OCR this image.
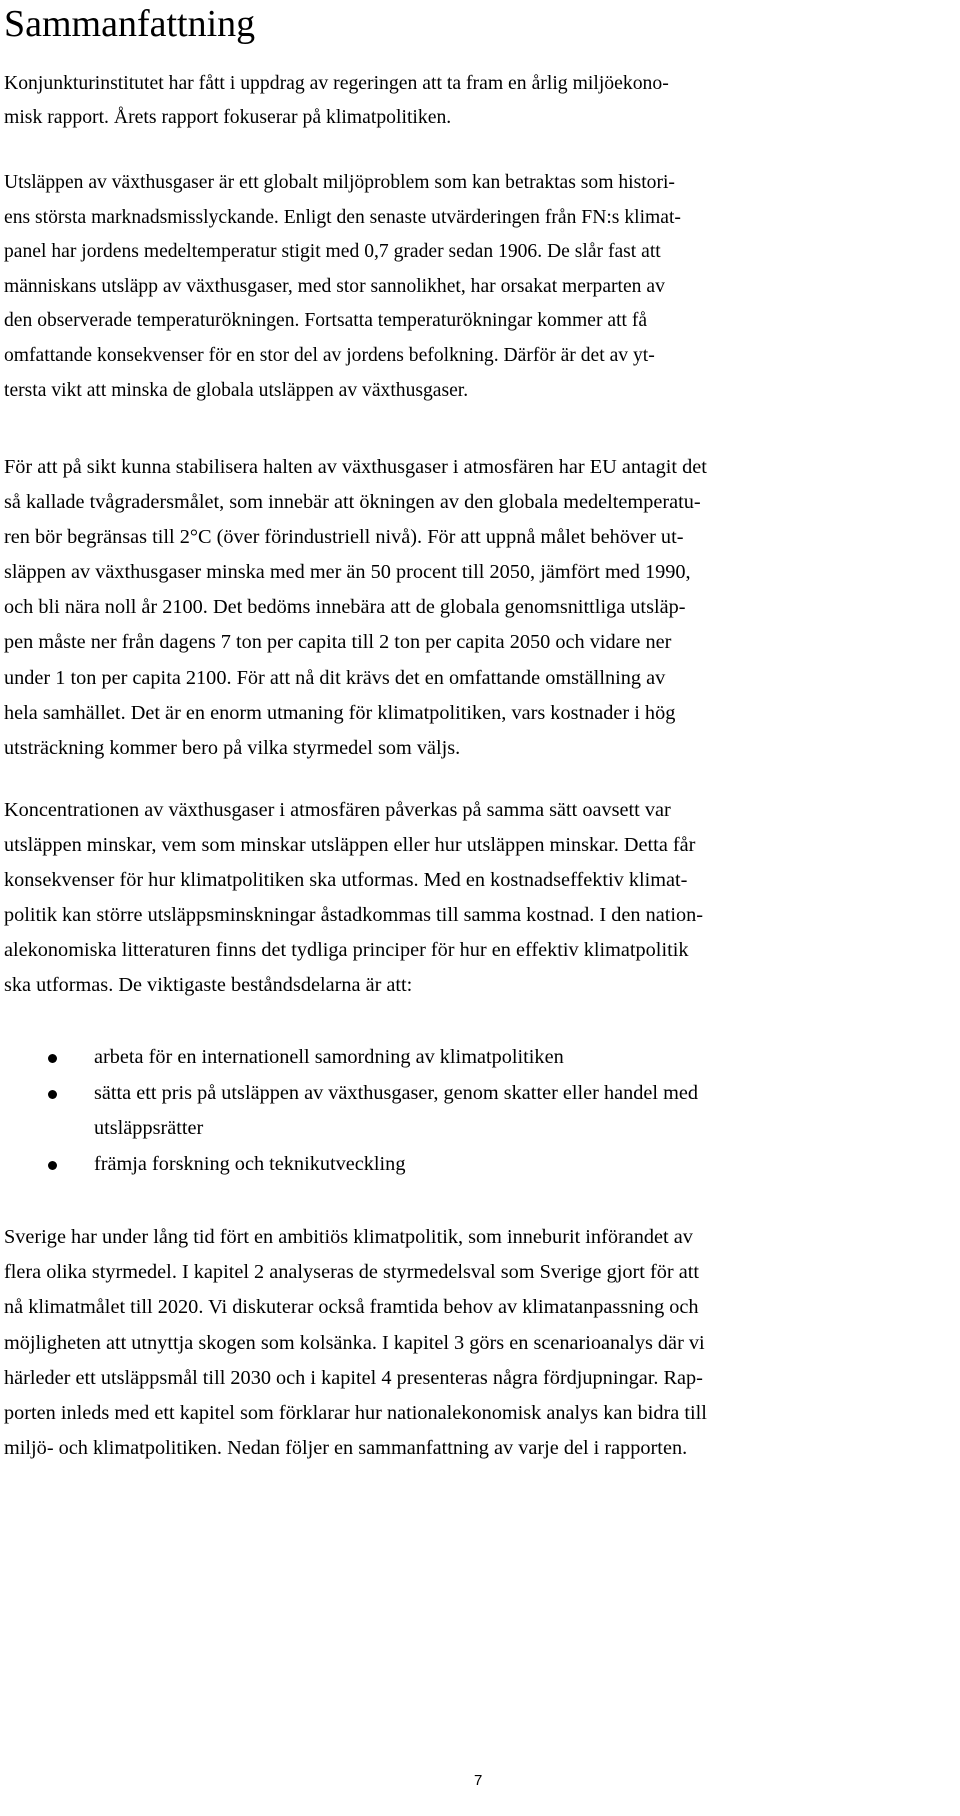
Sammanfattning
Konjunkturinstitutet har fått i uppdrag av regeringen att ta fram en årlig miljöekono-
misk rapport. Årets rapport fokuserar på klimatpolitiken.
Utsläppen av växthusgaser är ett globalt miljöproblem som kan betraktas som histori-
ens största marknadsmisslyckande. Enligt den senaste utvärderingen från FN:s klimat-
panel har jordens medeltemperatur stigit med 0,7 grader sedan 1906. De slår fast att
människans utsläpp av växthusgaser, med stor sannolikhet, har orsakat merparten av
den observerade temperaturökningen. Fortsatta temperaturökningar kommer att få
omfattande konsekvenser för en stor del av jordens befolkning. Därför är det av yt-
tersta vikt att minska de globala utsläppen av växthusgaser.
För att på sikt kunna stabilisera halten av växthusgaser i atmosfären har EU antagit det
så kallade tvågradersmålet, som innebär att ökningen av den globala medeltemperatu-
ren bör begränsas till 2°C (över förindustriell nivå). För att uppnå målet behöver ut-
släppen av växthusgaser minska med mer än 50 procent till 2050, jämfört med 1990,
och bli nära noll år 2100. Det bedöms innebära att de globala genomsnittliga utsläp-
pen måste ner från dagens 7 ton per capita till 2 ton per capita 2050 och vidare ner
under 1 ton per capita 2100. För att nå dit krävs det en omfattande omställning av
hela samhället. Det är en enorm utmaning för klimatpolitiken, vars kostnader i hög
utsträckning kommer bero på vilka styrmedel som väljs.
Koncentrationen av växthusgaser i atmosfären påverkas på samma sätt oavsett var
utsläppen minskar, vem som minskar utsläppen eller hur utsläppen minskar. Detta får
konsekvenser för hur klimatpolitiken ska utformas. Med en kostnadseffektiv klimat-
politik kan större utsläppsminskningar åstadkommas till samma kostnad. I den nation-
alekonomiska litteraturen finns det tydliga principer för hur en effektiv klimatpolitik
ska utformas. De viktigaste beståndsdelarna är att:
arbeta för en internationell samordning av klimatpolitiken
sätta ett pris på utsläppen av växthusgaser, genom skatter eller handel med
utsläppsrätter
främja forskning och teknikutveckling
Sverige har under lång tid fört en ambitiös klimatpolitik, som inneburit införandet av
flera olika styrmedel. I kapitel 2 analyseras de styrmedelsval som Sverige gjort för att
nå klimatmålet till 2020. Vi diskuterar också framtida behov av klimatanpassning och
möjligheten att utnyttja skogen som kolsänka. I kapitel 3 görs en scenarioanalys där vi
härleder ett utsläppsmål till 2030 och i kapitel 4 presenteras några fördjupningar. Rap-
porten inleds med ett kapitel som förklarar hur nationalekonomisk analys kan bidra till
miljö- och klimatpolitiken. Nedan följer en sammanfattning av varje del i rapporten.
7
